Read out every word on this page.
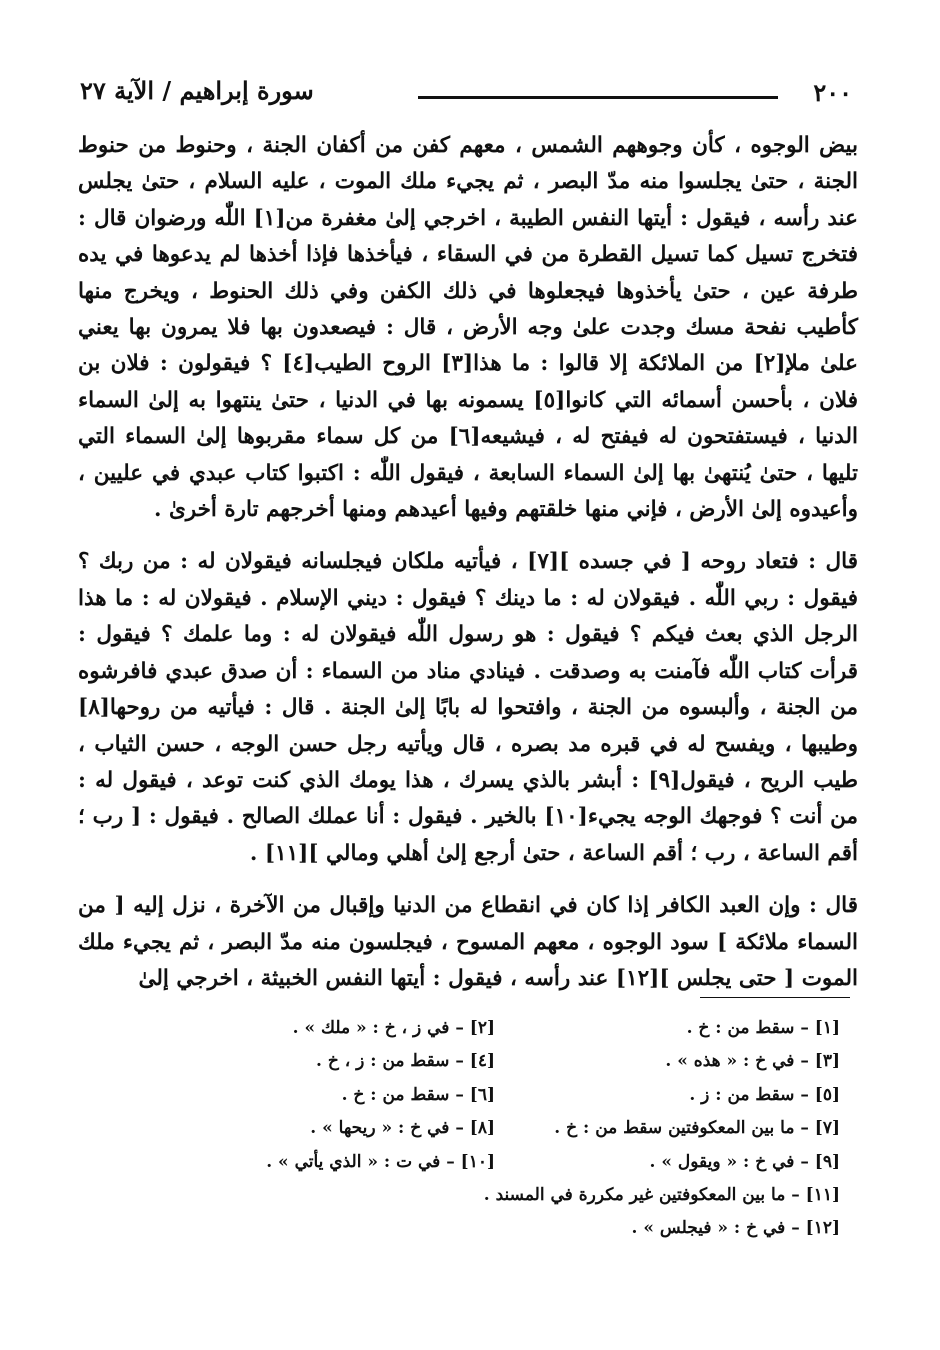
٢٠٠
سورة إبراهيم / الآية ٢٧

بيض الوجوه ، كأن وجوههم الشمس ، معهم كفن من أكفان الجنة ، وحنوط من حنوط الجنة ، حتىٰ يجلسوا منه مدّ البصر ، ثم يجيء ملك الموت ، عليه السلام ، حتىٰ يجلس عند رأسه ، فيقول : أيتها النفس الطيبة ، اخرجي إلىٰ مغفرة من[١] اللّٰه ورضوان قال : فتخرج تسيل كما تسيل القطرة من في السقاء ، فيأخذها فإذا أخذها لم يدعوها في يده طرفة عين ، حتىٰ يأخذوها فيجعلوها في ذلك الكفن وفي ذلك الحنوط ، ويخرج منها كأطيب نفحة مسك وجدت علىٰ وجه الأرض ، قال : فيصعدون بها فلا يمرون بها يعني علىٰ ملإ[٢] من الملائكة إلا قالوا : ما هذا[٣] الروح الطيب[٤] ؟ فيقولون : فلان بن فلان ، بأحسن أسمائه التي كانوا[٥] يسمونه بها في الدنيا ، حتىٰ ينتهوا به إلىٰ السماء الدنيا ، فيستفتحون له فيفتح له ، فيشيعه[٦] من كل سماء مقربوها إلىٰ السماء التي تليها ، حتىٰ يُنتهىٰ بها إلىٰ السماء السابعة ، فيقول اللّٰه : اكتبوا كتاب عبدي في عليين ، وأعيدوه إلىٰ الأرض ، فإني منها خلقتهم وفيها أعيدهم ومنها أخرجهم تارة أخرىٰ .

قال : فتعاد روحه [ في جسده ][٧] ، فيأتيه ملكان فيجلسانه فيقولان له : من ربك ؟ فيقول : ربي اللّٰه . فيقولان له : ما دينك ؟ فيقول : ديني الإسلام . فيقولان له : ما هذا الرجل الذي بعث فيكم ؟ فيقول : هو رسول اللّٰه فيقولان له : وما علمك ؟ فيقول : قرأت كتاب اللّٰه فآمنت به وصدقت . فينادي مناد من السماء : أن صدق عبدي فافرشوه من الجنة ، وألبسوه من الجنة ، وافتحوا له بابًا إلىٰ الجنة . قال : فيأتيه من روحها[٨] وطيبها ، ويفسح له في قبره مد بصره ، قال ويأتيه رجل حسن الوجه ، حسن الثياب ، طيب الريح ، فيقول[٩] : أبشر بالذي يسرك ، هذا يومك الذي كنت توعد ، فيقول له : من أنت ؟ فوجهك الوجه يجيء[١٠] بالخير . فيقول : أنا عملك الصالح . فيقول : [ رب ؛ أقم الساعة ، رب ؛ أقم الساعة ، حتىٰ أرجع إلىٰ أهلي ومالي ][١١] .

قال : وإن العبد الكافر إذا كان في انقطاع من الدنيا وإقبال من الآخرة ، نزل إليه [ من السماء ملائكة ] سود الوجوه ، معهم المسوح ، فيجلسون منه مدّ البصر ، ثم يجيء ملك الموت [ حتى يجلس ][١٢] عند رأسه ، فيقول : أيتها النفس الخبيثة ، اخرجي إلىٰ

[١] – سقط من : خ .
[٢] – في ز ، خ : « ملك » .
[٣] – في خ : « هذه » .
[٤] – سقط من : ز ، خ .
[٥] – سقط من : ز .
[٦] – سقط من : خ .
[٧] – ما بين المعكوفتين سقط من : خ .
[٨] – في خ : « ريحها » .
[٩] – في خ : « ويقول » .
[١٠] – في ت : « الذي يأتي » .
[١١] – ما بين المعكوفتين غير مكررة في المسند .
[١٢] – في خ : « فيجلس » .
